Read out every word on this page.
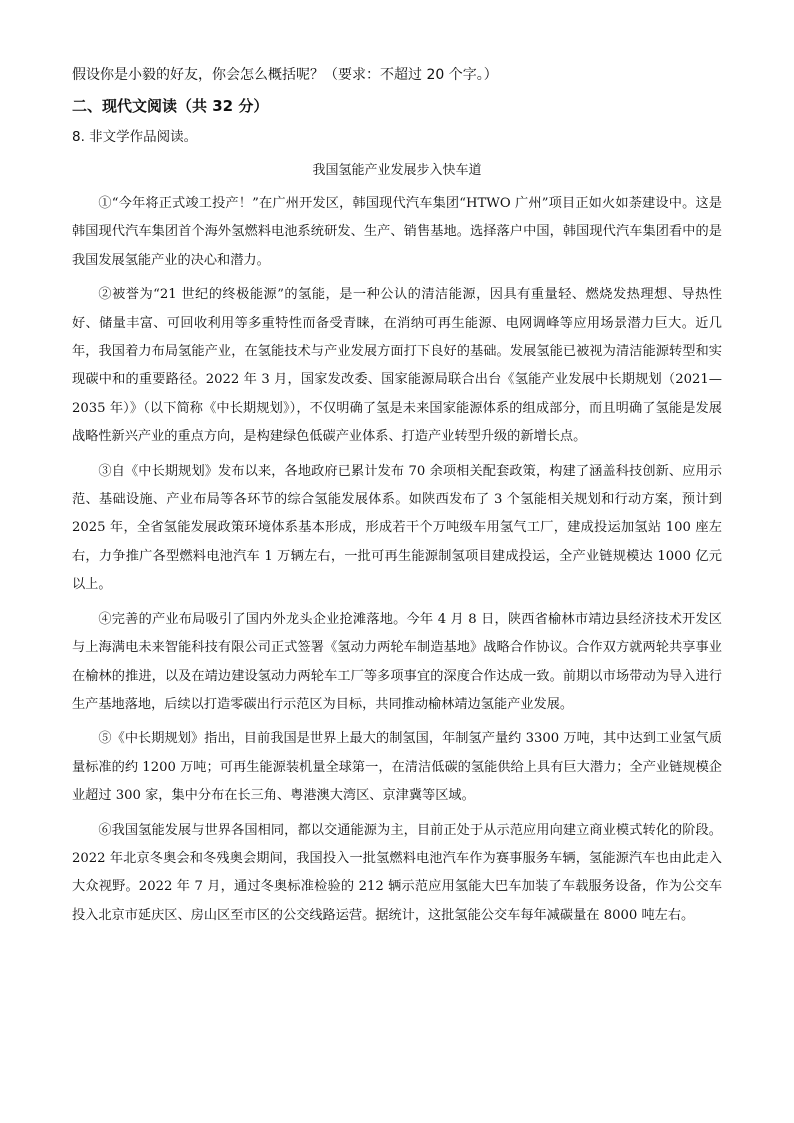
假设你是小毅的好友，你会怎么概括呢？（要求：不超过 20 个字。）

二、现代文阅读（共 32 分）

8. 非文学作品阅读。

我国氢能产业发展步入快车道

①“今年将正式竣工投产！”在广州开发区，韩国现代汽车集团“HTWO 广州”项目正如火如荼建设中。这是韩国现代汽车集团首个海外氢燃料电池系统研发、生产、销售基地。选择落户中国，韩国现代汽车集团看中的是我国发展氢能产业的决心和潜力。

②被誉为“21 世纪的终极能源”的氢能，是一种公认的清洁能源，因具有重量轻、燃烧发热理想、导热性好、储量丰富、可回收利用等多重特性而备受青睐，在消纳可再生能源、电网调峰等应用场景潜力巨大。近几年，我国着力布局氢能产业，在氢能技术与产业发展方面打下良好的基础。发展氢能已被视为清洁能源转型和实现碳中和的重要路径。2022 年 3 月，国家发改委、国家能源局联合出台《氢能产业发展中长期规划（2021—2035 年）》（以下简称《中长期规划》），不仅明确了氢是未来国家能源体系的组成部分，而且明确了氢能是发展战略性新兴产业的重点方向，是构建绿色低碳产业体系、打造产业转型升级的新增长点。

③自《中长期规划》发布以来，各地政府已累计发布 70 余项相关配套政策，构建了涵盖科技创新、应用示范、基础设施、产业布局等各环节的综合氢能发展体系。如陕西发布了 3 个氢能相关规划和行动方案，预计到 2025 年，全省氢能发展政策环境体系基本形成，形成若干个万吨级车用氢气工厂，建成投运加氢站 100 座左右，力争推广各型燃料电池汽车 1 万辆左右，一批可再生能源制氢项目建成投运，全产业链规模达 1000 亿元以上。

④完善的产业布局吸引了国内外龙头企业抢滩落地。今年 4 月 8 日，陕西省榆林市靖边县经济技术开发区与上海满电未来智能科技有限公司正式签署《氢动力两轮车制造基地》战略合作协议。合作双方就两轮共享事业在榆林的推进，以及在靖边建设氢动力两轮车工厂等多项事宜的深度合作达成一致。前期以市场带动为导入进行生产基地落地，后续以打造零碳出行示范区为目标，共同推动榆林靖边氢能产业发展。

⑤《中长期规划》指出，目前我国是世界上最大的制氢国，年制氢产量约 3300 万吨，其中达到工业氢气质量标准的约 1200 万吨；可再生能源装机量全球第一，在清洁低碳的氢能供给上具有巨大潜力；全产业链规模企业超过 300 家，集中分布在长三角、粤港澳大湾区、京津冀等区域。

⑥我国氢能发展与世界各国相同，都以交通能源为主，目前正处于从示范应用向建立商业模式转化的阶段。2022 年北京冬奥会和冬残奥会期间，我国投入一批氢燃料电池汽车作为赛事服务车辆，氢能源汽车也由此走入大众视野。2022 年 7 月，通过冬奥标准检验的 212 辆示范应用氢能大巴车加装了车载服务设备，作为公交车投入北京市延庆区、房山区至市区的公交线路运营。据统计，这批氢能公交车每年减碳量在 8000 吨左右。
